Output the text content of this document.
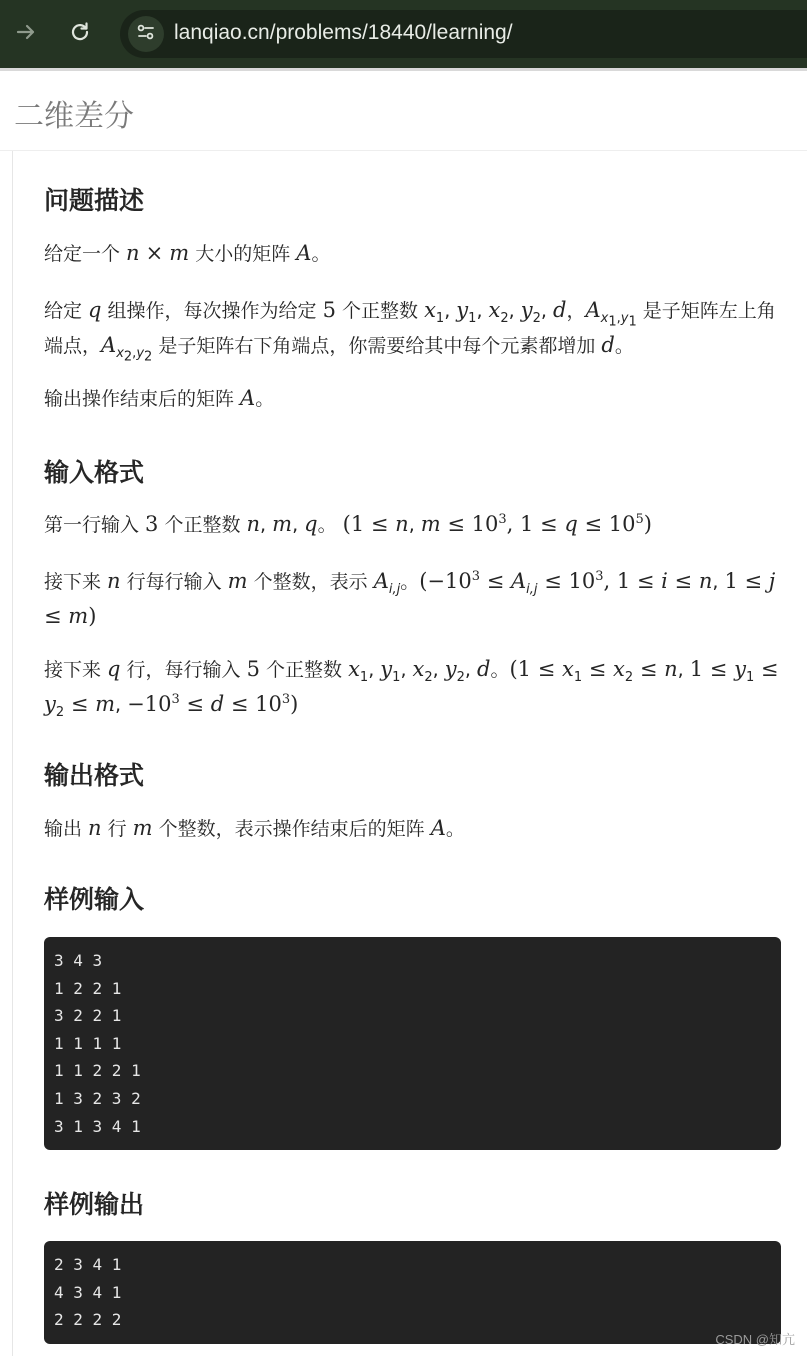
lanqiao.cn/problems/18440/learning/
二维差分
问题描述

给定一个 n × m 大小的矩阵 A。

给定 q 组操作，每次操作为给定 5 个正整数 $x_1$, $y_1$, $x_2$, $y_2$, d，$A_{x_1,y_1}$ 是子矩阵左上角端点，$A_{x_2,y_2}$ 是子矩阵右下角端点，你需要给其中每个元素都增加 d。

输出操作结束后的矩阵 A。

输入格式

第一行输入 3 个正整数 n, m, q。 (1 ≤ n, $m \le 10^3$, $1 \le q \le 10^5$)

接下来 n 行每行输入 m 个整数，表示 $A_{i,j}$。($-10^3 \le A_{i,j} \le 10^3$, 1 ≤ i ≤ n, 1 ≤ j ≤ m)

接下来 q 行，每行输入 5 个正整数 $x_1$, $y_1$, $x_2$, $y_2$, d。($1 \le x_1 \le x_2 \le n$, $1 \le y_1 \le y_2 \le m$, $-10^3 \le d \le 10^3$)

输出格式

输出 n 行 m 个整数，表示操作结束后的矩阵 A。

样例输入
3 4 3
1 2 2 1
3 2 2 1
1 1 1 1
1 1 2 2 1
1 3 2 3 2
3 1 3 4 1
样例输出
2 3 4 1
4 3 4 1
2 2 2 2
CSDN @知亢
